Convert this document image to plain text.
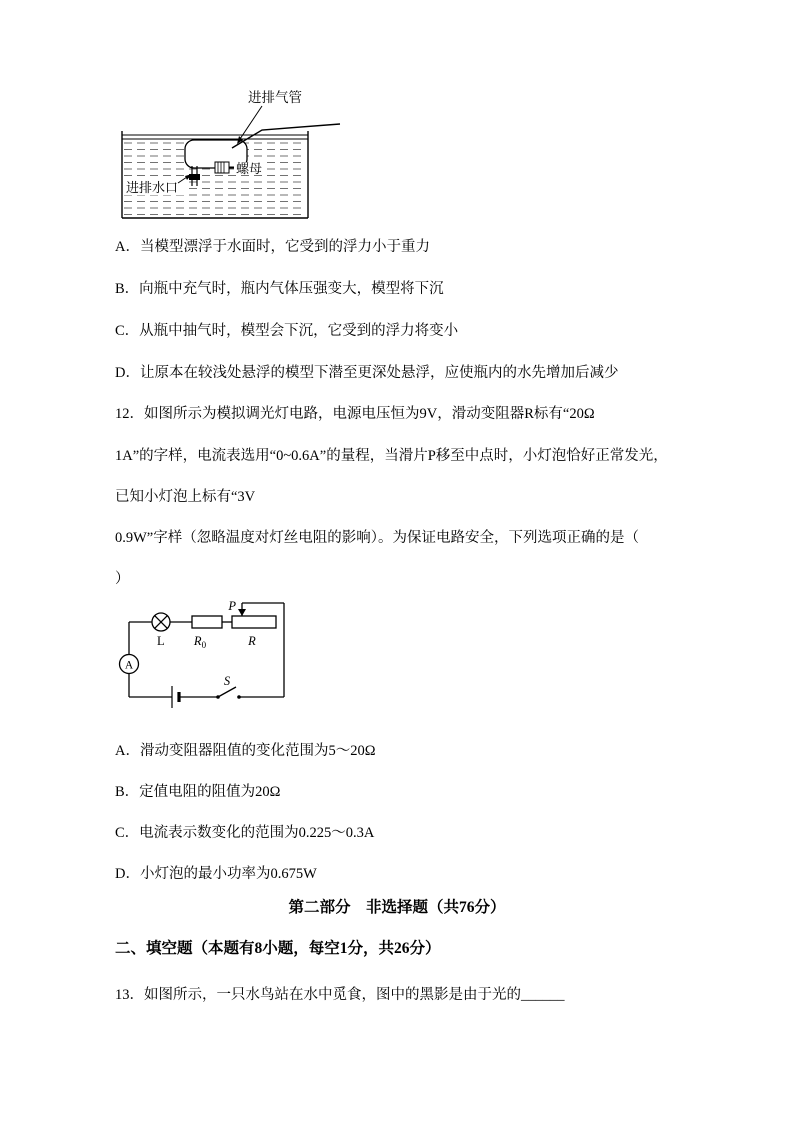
进排气管
螺母
进排水口
A．当模型漂浮于水面时，它受到的浮力小于重力
B．向瓶中充气时，瓶内气体压强变大，模型将下沉
C．从瓶中抽气时，模型会下沉，它受到的浮力将变小
D．让原本在较浅处悬浮的模型下潜至更深处悬浮，应使瓶内的水先增加后减少
12．如图所示为模拟调光灯电路，电源电压恒为9V，滑动变阻器R标有“20Ω
1A”的字样，电流表选用“0~0.6A”的量程，当滑片P移至中点时，小灯泡恰好正常发光，
已知小灯泡上标有“3V
0.9W”字样（忽略温度对灯丝电阻的影响）。为保证电路安全，下列选项正确的是（
）
P
L $R_0$	R
S
A
A．滑动变阻器阻值的变化范围为5～20Ω
B．定值电阻的阻值为20Ω
C．电流表示数变化的范围为0.225～0.3A
D．小灯泡的最小功率为0.675W
第二部分　非选择题（共76分）
二、填空题（本题有8小题，每空1分，共26分）
13．如图所示，一只水鸟站在水中觅食，图中的黑影是由于光的______
